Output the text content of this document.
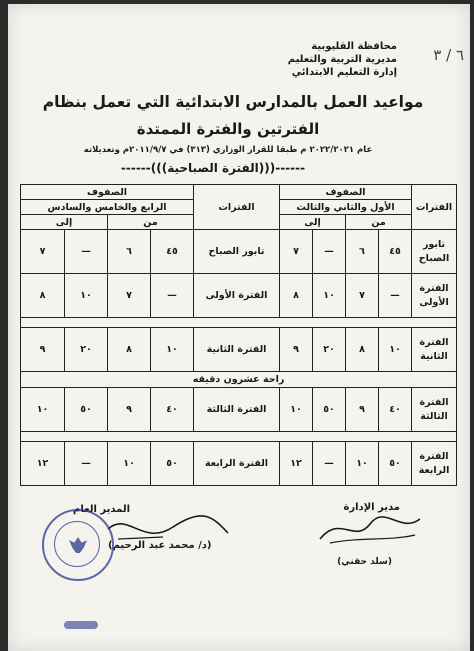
٦ / ٣
محافظة القليوبية
مديرية التربية والتعليم
إدارة التعليم الابتدائي
مواعيد العمل بالمدارس الابتدائية التي تعمل بنظام
الفترتين والفترة الممتدة
عام ٢٠٢٢/٢٠٢١ م طبقا للقرار الوزاري (٣١٣) في ٢٠١١/٩/٧م وتعديلاته
------(((الفترة الصباحية)))------
الفترات	الصفوف				الفترات	الصفوف			
	الأول والثاني والثالث					الرابع والخامس والسادس			
	من		إلى			من		إلى	
تابور الصباح	٤٥	٦	—	٧	تابور الصباح	٤٥	٦	—	٧
الفترة الأولى	—	٧	١٠	٨	الفترة الأولى	—	٧	١٠	٨

الفترة الثانية	١٠	٨	٢٠	٩	الفترة الثانية	١٠	٨	٢٠	٩
راحة عشرون دقيقه									
الفترة الثالثة	٤٠	٩	٥٠	١٠	الفترة الثالثة	٤٠	٩	٥٠	١٠

الفترة الرابعة	٥٠	١٠	—	١٢	الفترة الرابعة	٥٠	١٠	—	١٢
مدير الإدارة
(سلد حقني)
المدير العام
(د/ محمد عبد الرحيم)
